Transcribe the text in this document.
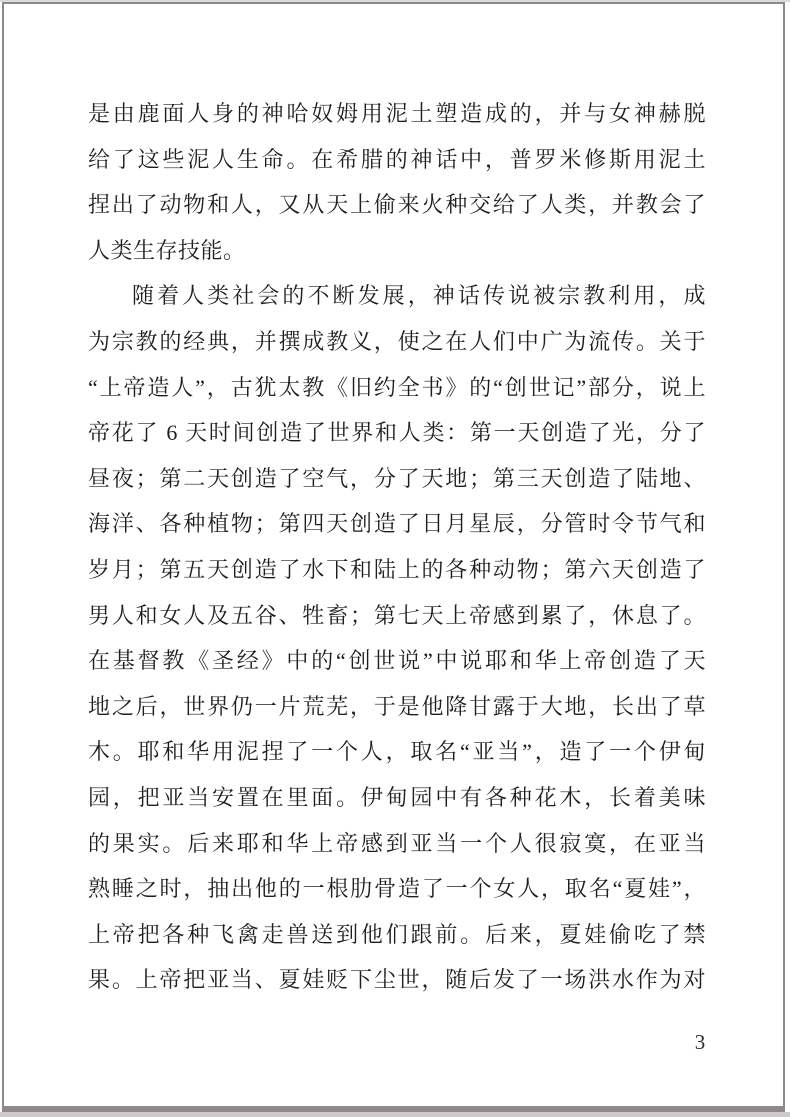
是由鹿面人身的神哈奴姆用泥土塑造成的，并与女神赫脱
给了这些泥人生命。在希腊的神话中，普罗米修斯用泥土
捏出了动物和人，又从天上偷来火种交给了人类，并教会了
人类生存技能。
随着人类社会的不断发展，神话传说被宗教利用，成
为宗教的经典，并撰成教义，使之在人们中广为流传。关于
“上帝造人”，古犹太教《旧约全书》的“创世记”部分，说上
帝花了 6 天时间创造了世界和人类：第一天创造了光，分了
昼夜；第二天创造了空气，分了天地；第三天创造了陆地、
海洋、各种植物；第四天创造了日月星辰，分管时令节气和
岁月；第五天创造了水下和陆上的各种动物；第六天创造了
男人和女人及五谷、牲畜；第七天上帝感到累了，休息了。
在基督教《圣经》中的“创世说”中说耶和华上帝创造了天
地之后，世界仍一片荒芜，于是他降甘露于大地，长出了草
木。耶和华用泥捏了一个人，取名“亚当”，造了一个伊甸
园，把亚当安置在里面。伊甸园中有各种花木，长着美味
的果实。后来耶和华上帝感到亚当一个人很寂寞，在亚当
熟睡之时，抽出他的一根肋骨造了一个女人，取名“夏娃”，
上帝把各种飞禽走兽送到他们跟前。后来，夏娃偷吃了禁
果。上帝把亚当、夏娃贬下尘世，随后发了一场洪水作为对
3
